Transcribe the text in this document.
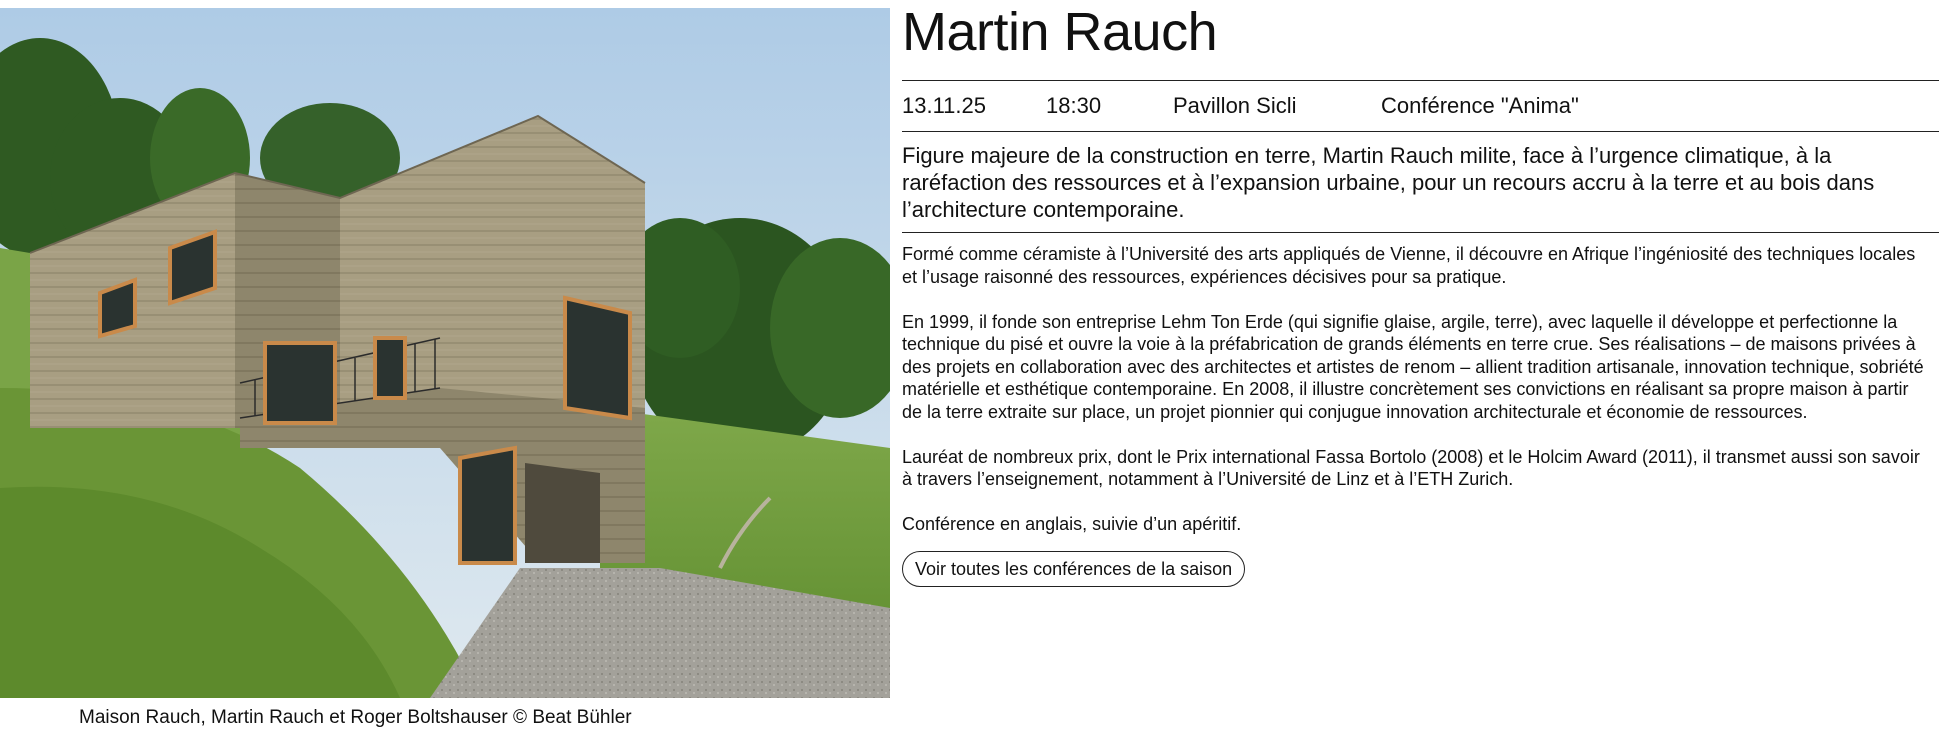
Maison Rauch, Martin Rauch et Roger Boltshauser © Beat Bühler
Martin Rauch
13.11.25	18:30	Pavillon Sicli	Conférence "Anima"

Figure majeure de la construction en terre, Martin Rauch milite, face à l’urgence climatique, à la raréfaction des ressources et à l’expansion urbaine, pour un recours accru à la terre et au bois dans l’architecture contemporaine.

Formé comme céramiste à l’Université des arts appliqués de Vienne, il découvre en Afrique l’ingéniosité des techniques locales et l’usage raisonné des ressources, expériences décisives pour sa pratique.

En 1999, il fonde son entreprise Lehm Ton Erde (qui signifie glaise, argile, terre), avec laquelle il développe et perfectionne la technique du pisé et ouvre la voie à la préfabrication de grands éléments en terre crue. Ses réalisations – de maisons privées à des projets en collaboration avec des architectes et artistes de renom – allient tradition artisanale, innovation technique, sobriété matérielle et esthétique contemporaine. En 2008, il illustre concrètement ses convictions en réalisant sa propre maison à partir de la terre extraite sur place, un projet pionnier qui conjugue innovation architecturale et économie de ressources.

Lauréat de nombreux prix, dont le Prix international Fassa Bortolo (2008) et le Holcim Award (2011), il transmet aussi son savoir à travers l’enseignement, notamment à l’Université de Linz et à l’ETH Zurich.

Conférence en anglais, suivie d’un apéritif.

Voir toutes les conférences de la saison
